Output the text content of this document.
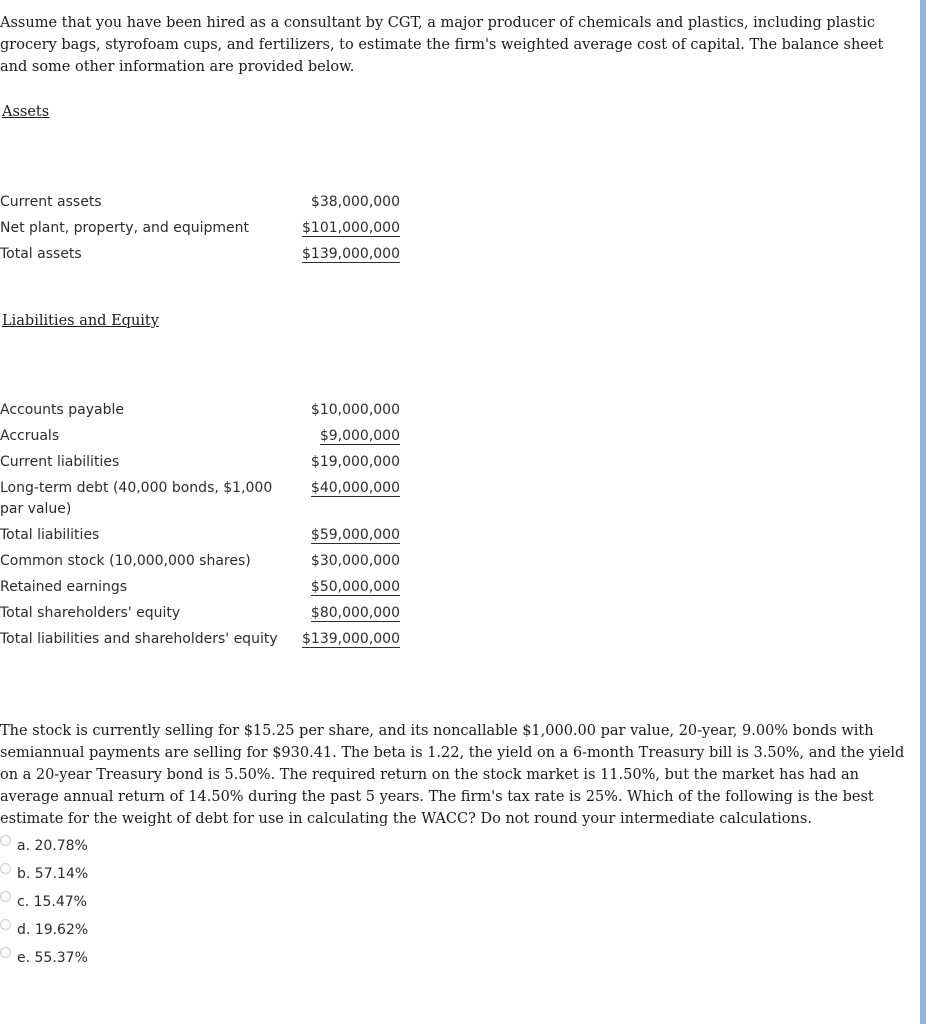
Assume that you have been hired as a consultant by CGT, a major producer of chemicals and plastics, including plastic grocery bags, styrofoam cups, and fertilizers, to estimate the firm's weighted average cost of capital. The balance sheet and some other information are provided below.

Assets

Current assets	$38,000,000
Net plant, property, and equipment	$101,000,000
Total assets	$139,000,000

Liabilities and Equity

Accounts payable	$10,000,000
Accruals	$9,000,000
Current liabilities	$19,000,000
Long-term debt (40,000 bonds, $1,000 par value)	$40,000,000
Total liabilities	$59,000,000
Common stock (10,000,000 shares)	$30,000,000
Retained earnings	$50,000,000
Total shareholders' equity	$80,000,000
Total liabilities and shareholders' equity	$139,000,000

The stock is currently selling for $15.25 per share, and its noncallable $1,000.00 par value, 20-year, 9.00% bonds with semiannual payments are selling for $930.41. The beta is 1.22, the yield on a 6-month Treasury bill is 3.50%, and the yield on a 20-year Treasury bond is 5.50%. The required return on the stock market is 11.50%, but the market has had an average annual return of 14.50% during the past 5 years. The firm's tax rate is 25%. Which of the following is the best estimate for the weight of debt for use in calculating the WACC? Do not round your intermediate calculations.

a. 20.78%
b. 57.14%
c. 15.47%
d. 19.62%
e. 55.37%
